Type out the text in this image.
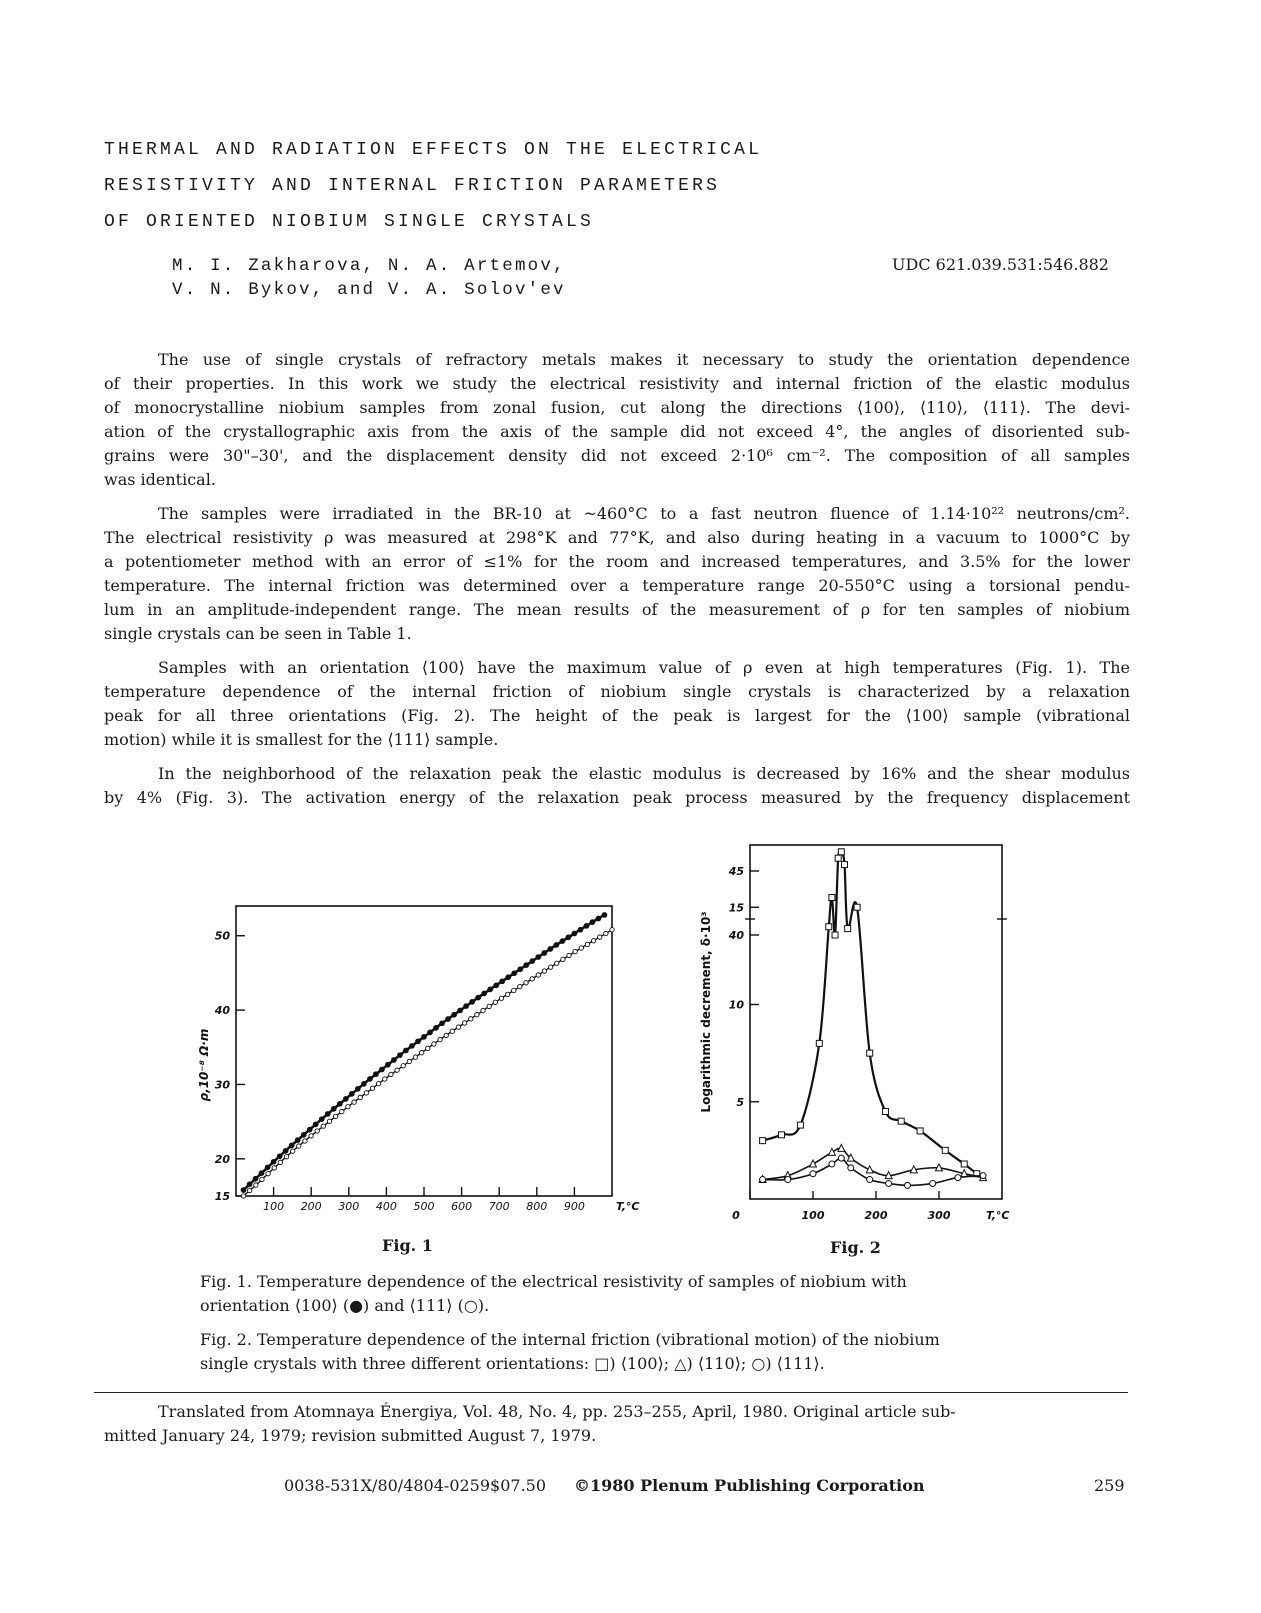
THERMAL AND RADIATION EFFECTS ON THE ELECTRICAL
RESISTIVITY AND INTERNAL FRICTION PARAMETERS
OF ORIENTED NIOBIUM SINGLE CRYSTALS
M. I. Zakharova, N. A. Artemov,
V. N. Bykov, and V. A. Solov'ev
UDC 621.039.531:546.882
The use of single crystals of refractory metals makes it necessary to study the orientation dependence
of their properties. In this work we study the electrical resistivity and internal friction of the elastic modulus
of monocrystalline niobium samples from zonal fusion, cut along the directions ⟨100⟩, ⟨110⟩, ⟨111⟩. The devi-
ation of the crystallographic axis from the axis of the sample did not exceed 4°, the angles of disoriented sub-
grains were 30"–30', and the displacement density did not exceed 2·10⁶ cm⁻². The composition of all samples
was identical.
The samples were irradiated in the BR-10 at ~460°C to a fast neutron fluence of 1.14·10²² neutrons/cm².
The electrical resistivity ρ was measured at 298°K and 77°K, and also during heating in a vacuum to 1000°C by
a potentiometer method with an error of ≤1% for the room and increased temperatures, and 3.5% for the lower
temperature. The internal friction was determined over a temperature range 20-550°C using a torsional pendu-
lum in an amplitude-independent range. The mean results of the measurement of ρ for ten samples of niobium
single crystals can be seen in Table 1.
Samples with an orientation ⟨100⟩ have the maximum value of ρ even at high temperatures (Fig. 1). The
temperature dependence of the internal friction of niobium single crystals is characterized by a relaxation
peak for all three orientations (Fig. 2). The height of the peak is largest for the ⟨100⟩ sample (vibrational
motion) while it is smallest for the ⟨111⟩ sample.
In the neighborhood of the relaxation peak the elastic modulus is decreased by 16% and the shear modulus
by 4% (Fig. 3). The activation energy of the relaxation peak process measured by the frequency displacement
15
20
30
40
50
100 200 300 400 500 600 700 800 900	T,°C
ρ,10⁻⁸ Ω·m
5
10
15
40
45
0	100	200	300	T,°C
Logarithmic decrement, δ·10³
Fig. 1	Fig. 2
Fig. 1. Temperature dependence of the electrical resistivity of samples of niobium with
orientation ⟨100⟩ (●) and ⟨111⟩ (○).
Fig. 2. Temperature dependence of the internal friction (vibrational motion) of the niobium
single crystals with three different orientations: □) ⟨100⟩; △) ⟨110⟩; ○) ⟨111⟩.
Translated from Atomnaya Énergiya, Vol. 48, No. 4, pp. 253–255, April, 1980. Original article sub-
mitted January 24, 1979; revision submitted August 7, 1979.
0038-531X/80/4804-0259$07.50 ©1980 Plenum Publishing Corporation	259
